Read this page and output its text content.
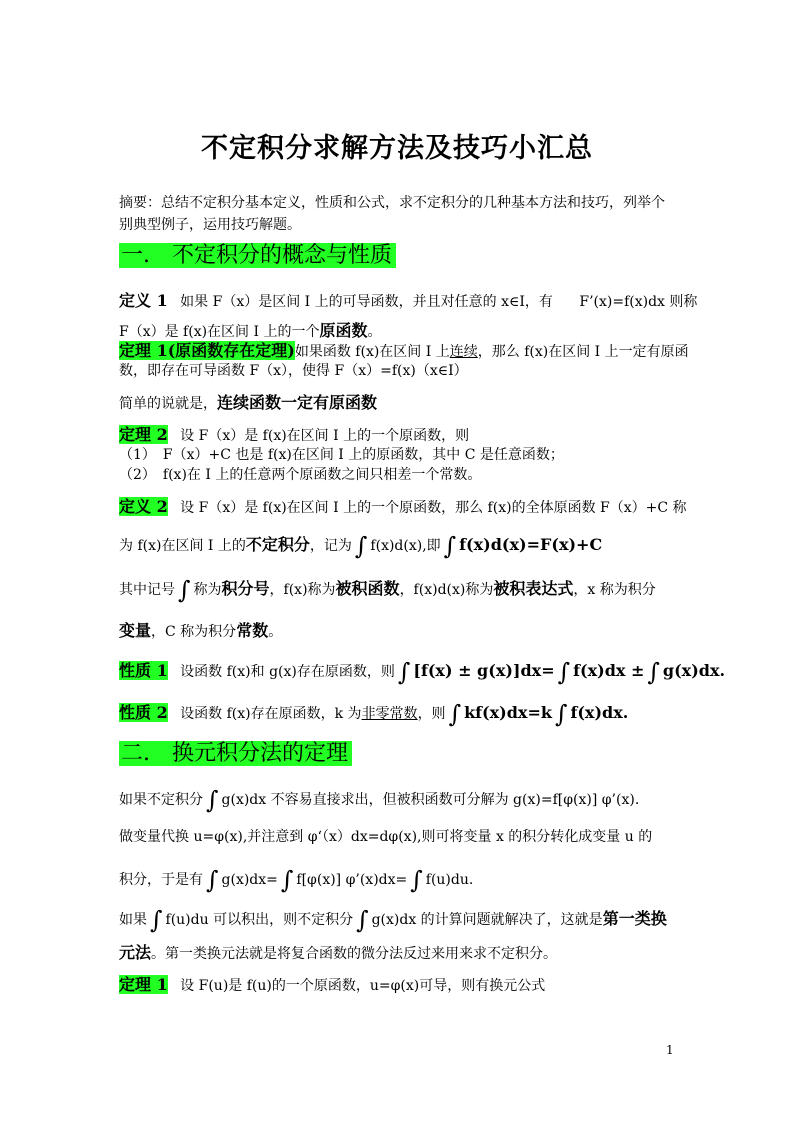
不定积分求解方法及技巧小汇总
摘要：总结不定积分基本定义，性质和公式，求不定积分的几种基本方法和技巧，列举个
别典型例子，运用技巧解题。
一.　不定积分的概念与性质
定义 1 如果 F（x）是区间 I 上的可导函数，并且对任意的 x∈I，有 F’(x)=f(x)dx 则称
F（x）是 f(x)在区间 I 上的一个原函数。
定理 1(原函数存在定理)如果函数 f(x)在区间 I 上连续，那么 f(x)在区间 I 上一定有原函
数，即存在可导函数 F（x），使得 F（x）=f(x)（x∈I）
简单的说就是，连续函数一定有原函数
定理 2 设 F（x）是 f(x)在区间 I 上的一个原函数，则
（1）　F（x）+C 也是 f(x)在区间 I 上的原函数，其中 C 是任意函数；
（2）　f(x)在 I 上的任意两个原函数之间只相差一个常数。
定义 2 设 F（x）是 f(x)在区间 I 上的一个原函数，那么 f(x)的全体原函数 F（x）+C 称
为 f(x)在区间 I 上的不定积分，记为 ∫ f(x)d(x),即 ∫ f(x)d(x)=F(x)+C
其中记号 ∫ 称为积分号，f(x)称为被积函数，f(x)d(x)称为被积表达式，x 称为积分
变量，C 称为积分常数。
性质 1 设函数 f(x)和 g(x)存在原函数，则 ∫ [f(x) ± g(x)]dx= ∫ f(x)dx ± ∫ g(x)dx.
性质 2 设函数 f(x)存在原函数，k 为非零常数，则 ∫ kf(x)dx=k ∫ f(x)dx.
二.　换元积分法的定理
如果不定积分 ∫ g(x)dx 不容易直接求出，但被积函数可分解为 g(x)=f[φ(x)] φ’(x).
做变量代换 u=φ(x),并注意到 φ‘（x）dx=dφ(x),则可将变量 x 的积分转化成变量 u 的
积分，于是有 ∫ g(x)dx= ∫ f[φ(x)] φ’(x)dx= ∫ f(u)du.
如果 ∫ f(u)du 可以积出，则不定积分 ∫ g(x)dx 的计算问题就解决了，这就是第一类换
元法。第一类换元法就是将复合函数的微分法反过来用来求不定积分。
定理 1 设 F(u)是 f(u)的一个原函数，u=φ(x)可导，则有换元公式
1
